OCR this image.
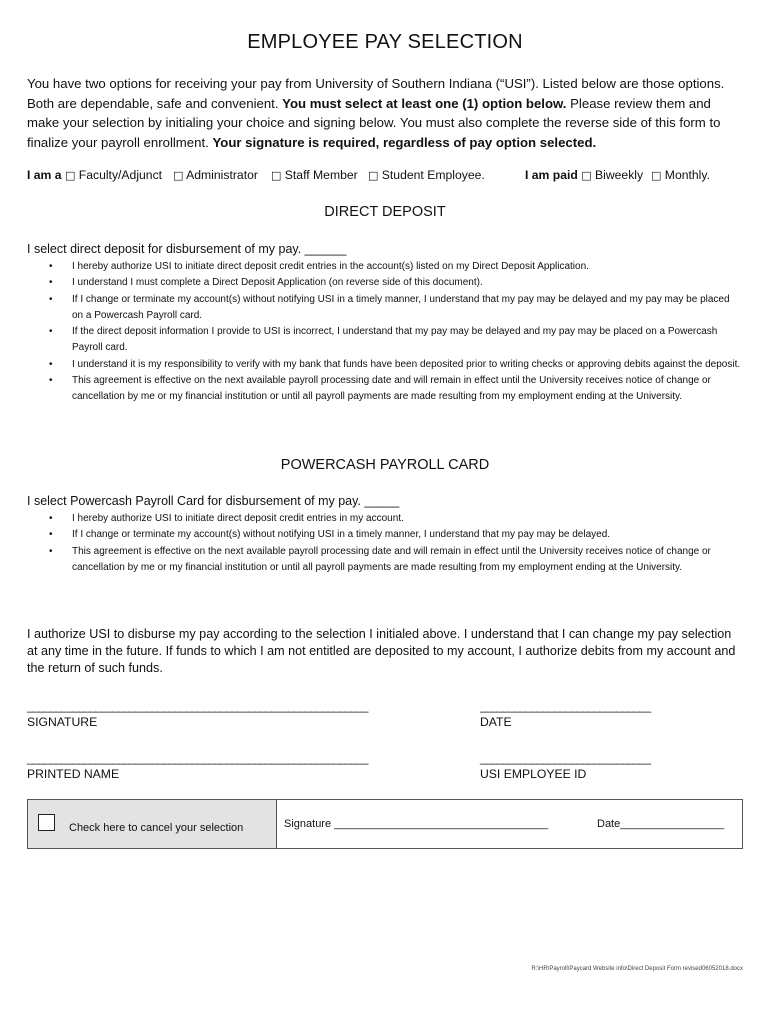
EMPLOYEE PAY SELECTION
You have two options for receiving your pay from University of Southern Indiana (“USI”). Listed below are those options. Both are dependable, safe and convenient. You must select at least one (1) option below. Please review them and make your selection by initialing your choice and signing below. You must also complete the reverse side of this form to finalize your payroll enrollment. Your signature is required, regardless of pay option selected.
I am a □ Faculty/Adjunct □ Administrator □ Staff Member □ Student Employee.	I am paid □ Biweekly □ Monthly.
DIRECT DEPOSIT
I select direct deposit for disbursement of my pay. ______
• I hereby authorize USI to initiate direct deposit credit entries in the account(s) listed on my Direct Deposit Application.
• I understand I must complete a Direct Deposit Application (on reverse side of this document).
• If I change or terminate my account(s) without notifying USI in a timely manner, I understand that my pay may be delayed and my pay may be placed on a Powercash Payroll card.
• If the direct deposit information I provide to USI is incorrect, I understand that my pay may be delayed and my pay may be placed on a Powercash Payroll card.
• I understand it is my responsibility to verify with my bank that funds have been deposited prior to writing checks or approving debits against the deposit.
• This agreement is effective on the next available payroll processing date and will remain in effect until the University receives notice of change or cancellation by me or my financial institution or until all payroll payments are made resulting from my employment ending at the University.
POWERCASH PAYROLL CARD
I select Powercash Payroll Card for disbursement of my pay. _____
• I hereby authorize USI to initiate direct deposit credit entries in my account.
• If I change or terminate my account(s) without notifying USI in a timely manner, I understand that my pay may be delayed.
• This agreement is effective on the next available payroll processing date and will remain in effect until the University receives notice of change or cancellation by me or my financial institution or until all payroll payments are made resulting from my employment ending at the University.
I authorize USI to disburse my pay according to the selection I initialed above. I understand that I can change my pay selection at any time in the future. If funds to which I am not entitled are deposited to my account, I authorize debits from my account and the return of such funds.
____________________________________________________________	______________________________
SIGNATURE	DATE
____________________________________________________________	______________________________
PRINTED NAME	USI EMPLOYEE ID
Check here to cancel your selection	Signature ___________________________________	Date_________________
R:\HR\Payroll\Paycard Website info\Direct Deposit Form revised06052018.docx
